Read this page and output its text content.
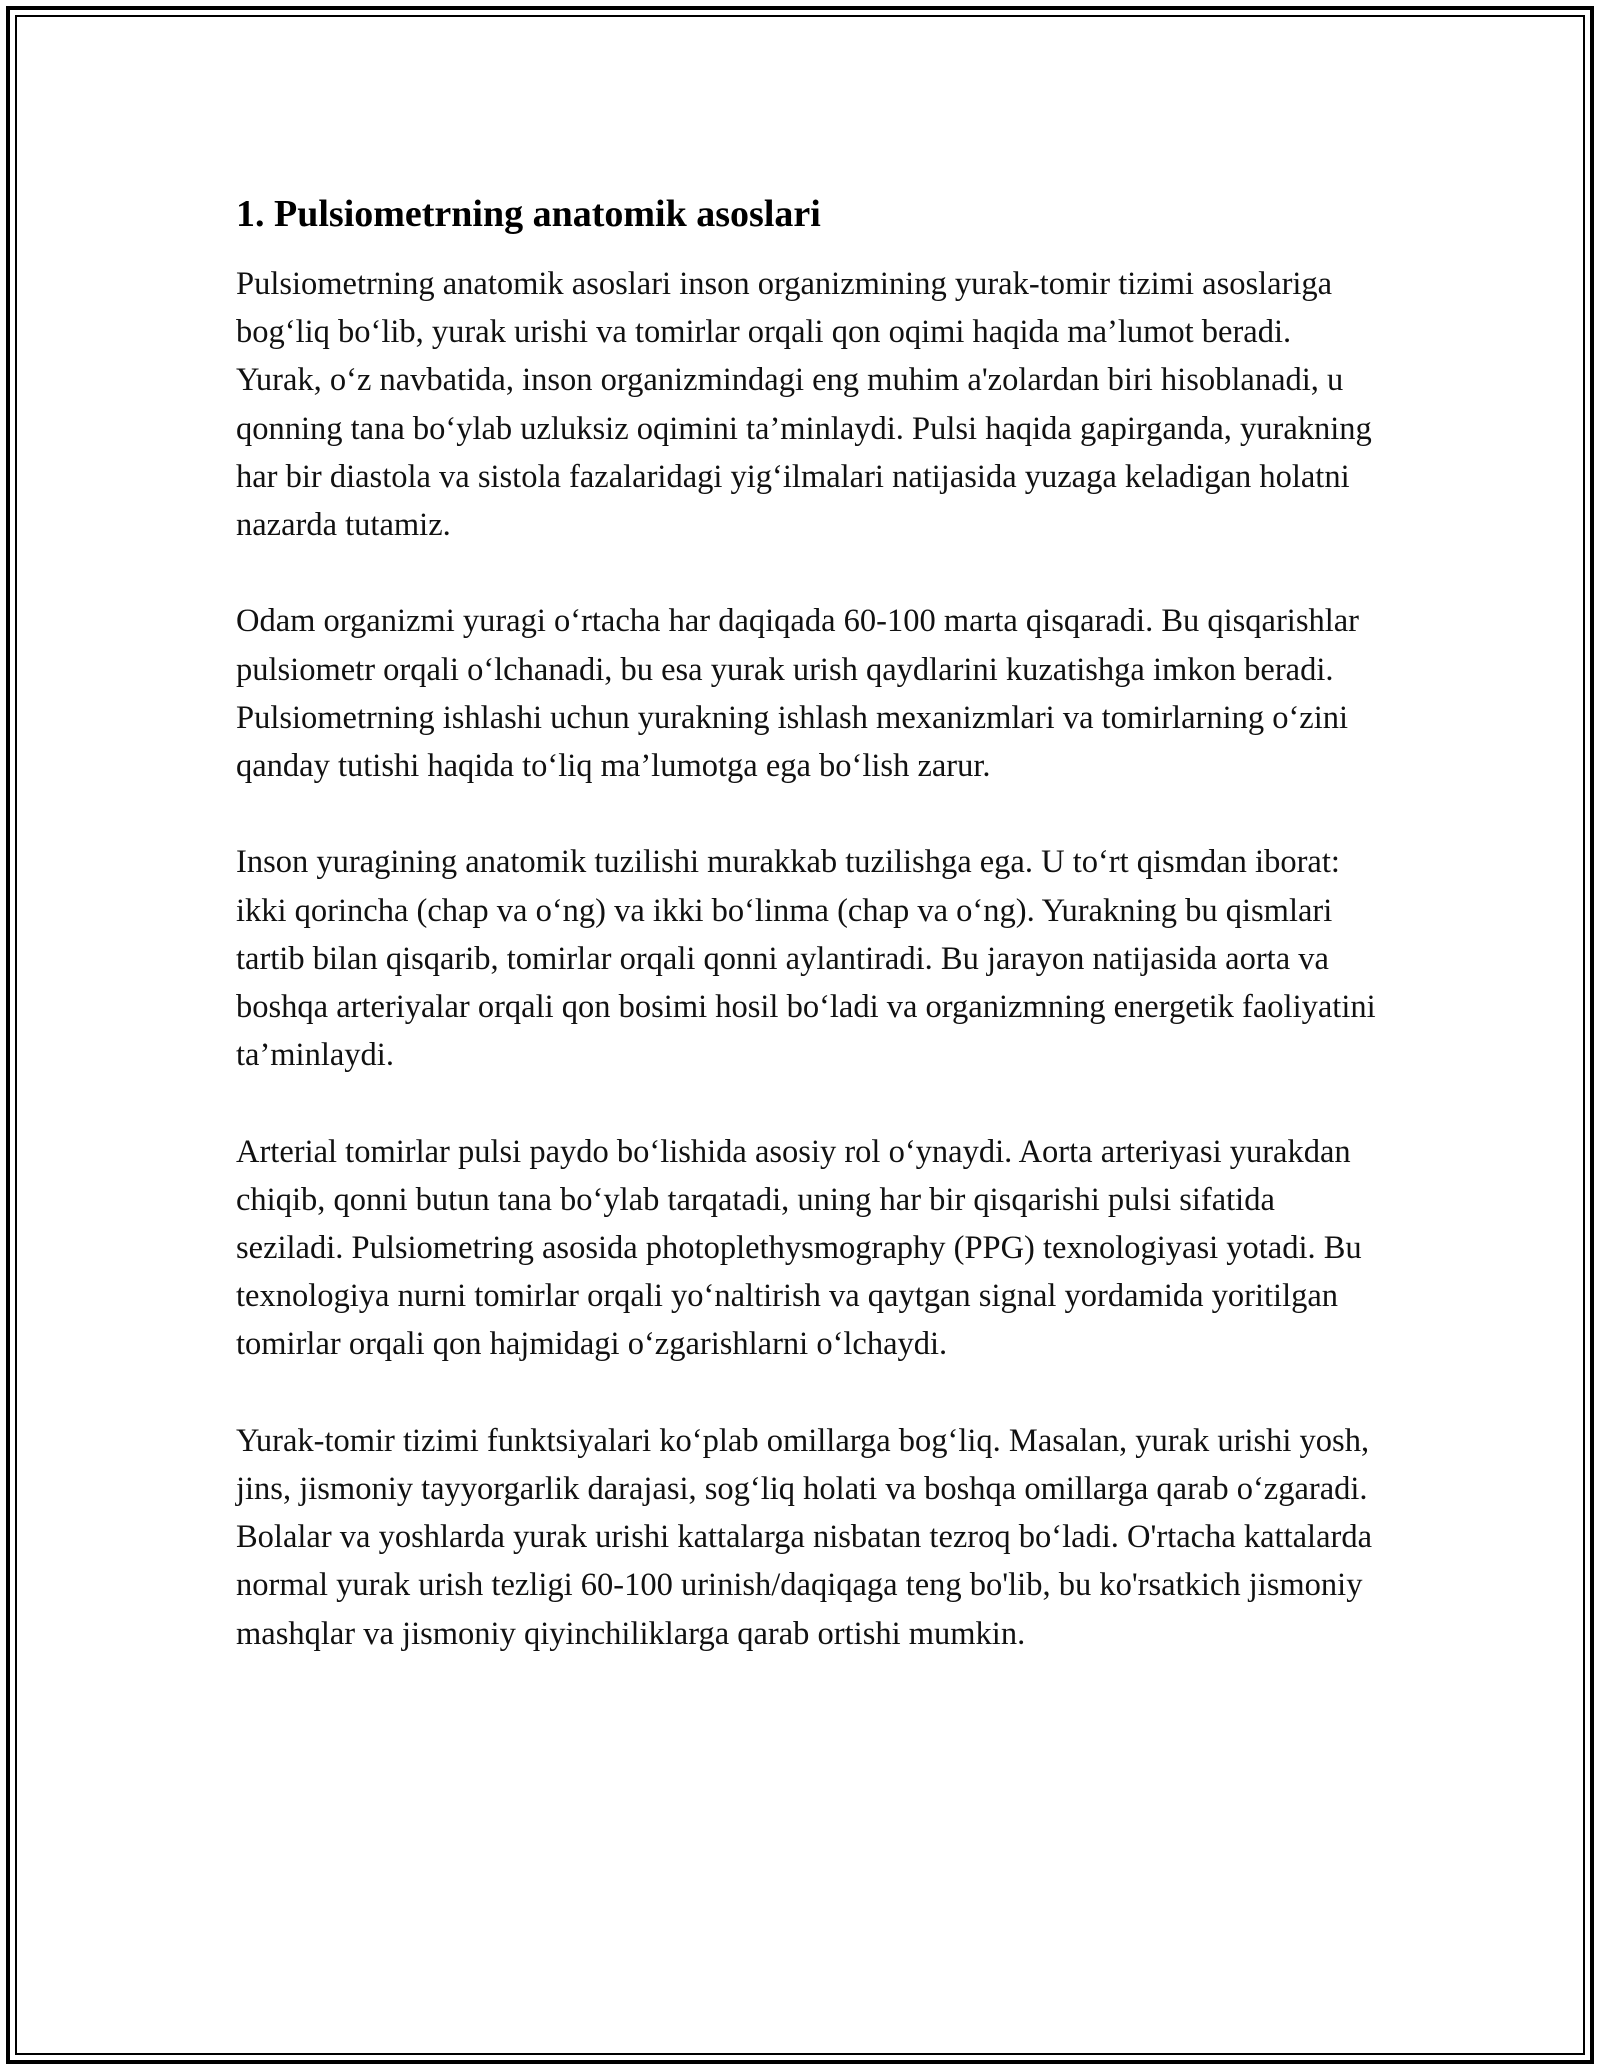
1. Pulsiometrning anatomik asoslari

Pulsiometrning anatomik asoslari inson organizmining yurak-tomir tizimi asoslariga bog‘liq bo‘lib, yurak urishi va tomirlar orqali qon oqimi haqida ma’lumot beradi. Yurak, o‘z navbatida, inson organizmindagi eng muhim a'zolardan biri hisoblanadi, u qonning tana bo‘ylab uzluksiz oqimini ta’minlaydi. Pulsi haqida gapirganda, yurakning har bir diastola va sistola fazalaridagi yig‘ilmalari natijasida yuzaga keladigan holatni nazarda tutamiz.

Odam organizmi yuragi o‘rtacha har daqiqada 60-100 marta qisqaradi. Bu qisqarishlar pulsiometr orqali o‘lchanadi, bu esa yurak urish qaydlarini kuzatishga imkon beradi. Pulsiometrning ishlashi uchun yurakning ishlash mexanizmlari va tomirlarning o‘zini qanday tutishi haqida to‘liq ma’lumotga ega bo‘lish zarur.

Inson yuragining anatomik tuzilishi murakkab tuzilishga ega. U to‘rt qismdan iborat: ikki qorincha (chap va o‘ng) va ikki bo‘linma (chap va o‘ng). Yurakning bu qismlari tartib bilan qisqarib, tomirlar orqali qonni aylantiradi. Bu jarayon natijasida aorta va boshqa arteriyalar orqali qon bosimi hosil bo‘ladi va organizmning energetik faoliyatini ta’minlaydi.

Arterial tomirlar pulsi paydo bo‘lishida asosiy rol o‘ynaydi. Aorta arteriyasi yurakdan chiqib, qonni butun tana bo‘ylab tarqatadi, uning har bir qisqarishi pulsi sifatida seziladi. Pulsiometring asosida photoplethysmography (PPG) texnologiyasi yotadi. Bu texnologiya nurni tomirlar orqali yo‘naltirish va qaytgan signal yordamida yoritilgan tomirlar orqali qon hajmidagi o‘zgarishlarni o‘lchaydi.

Yurak-tomir tizimi funktsiyalari ko‘plab omillarga bog‘liq. Masalan, yurak urishi yosh, jins, jismoniy tayyorgarlik darajasi, sog‘liq holati va boshqa omillarga qarab o‘zgaradi. Bolalar va yoshlarda yurak urishi kattalarga nisbatan tezroq bo‘ladi. O'rtacha kattalarda normal yurak urish tezligi 60-100 urinish/daqiqaga teng bo'lib, bu ko'rsatkich jismoniy mashqlar va jismoniy qiyinchiliklarga qarab ortishi mumkin.
